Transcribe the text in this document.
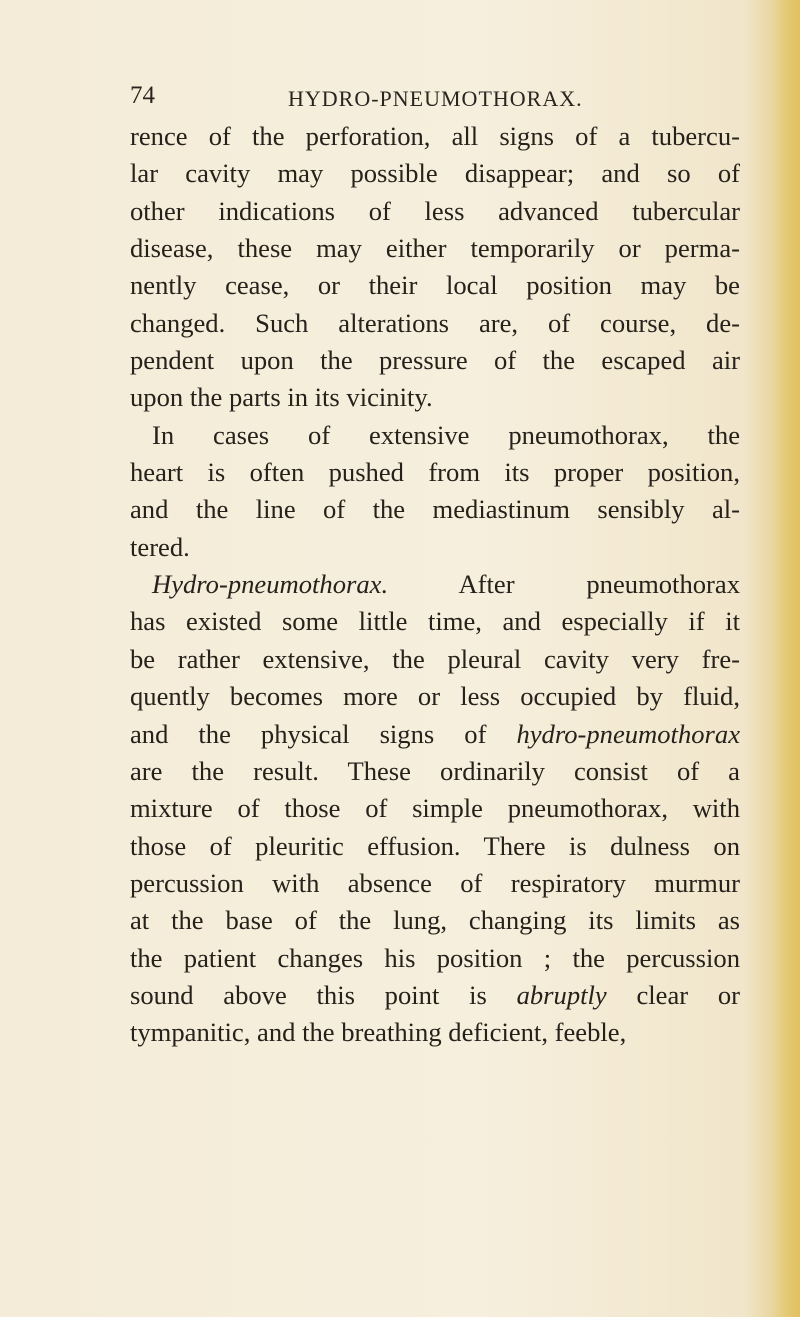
74	HYDRO-PNEUMOTHORAX.
rence of the perforation, all signs of a tubercu-
lar cavity may possible disappear; and so of
other indications of less advanced tubercular
disease, these may either temporarily or perma-
nently cease, or their local position may be
changed. Such alterations are, of course, de-
pendent upon the pressure of the escaped air
upon the parts in its vicinity.
In cases of extensive pneumothorax, the
heart is often pushed from its proper position,
and the line of the mediastinum sensibly al-
tered.
Hydro-pneumothorax. After pneumothorax
has existed some little time, and especially if it
be rather extensive, the pleural cavity very fre-
quently becomes more or less occupied by fluid,
and the physical signs of hydro-pneumothorax
are the result. These ordinarily consist of a
mixture of those of simple pneumothorax, with
those of pleuritic effusion. There is dulness on
percussion with absence of respiratory murmur
at the base of the lung, changing its limits as
the patient changes his position ; the percussion
sound above this point is abruptly clear or
tympanitic, and the breathing deficient, feeble,
